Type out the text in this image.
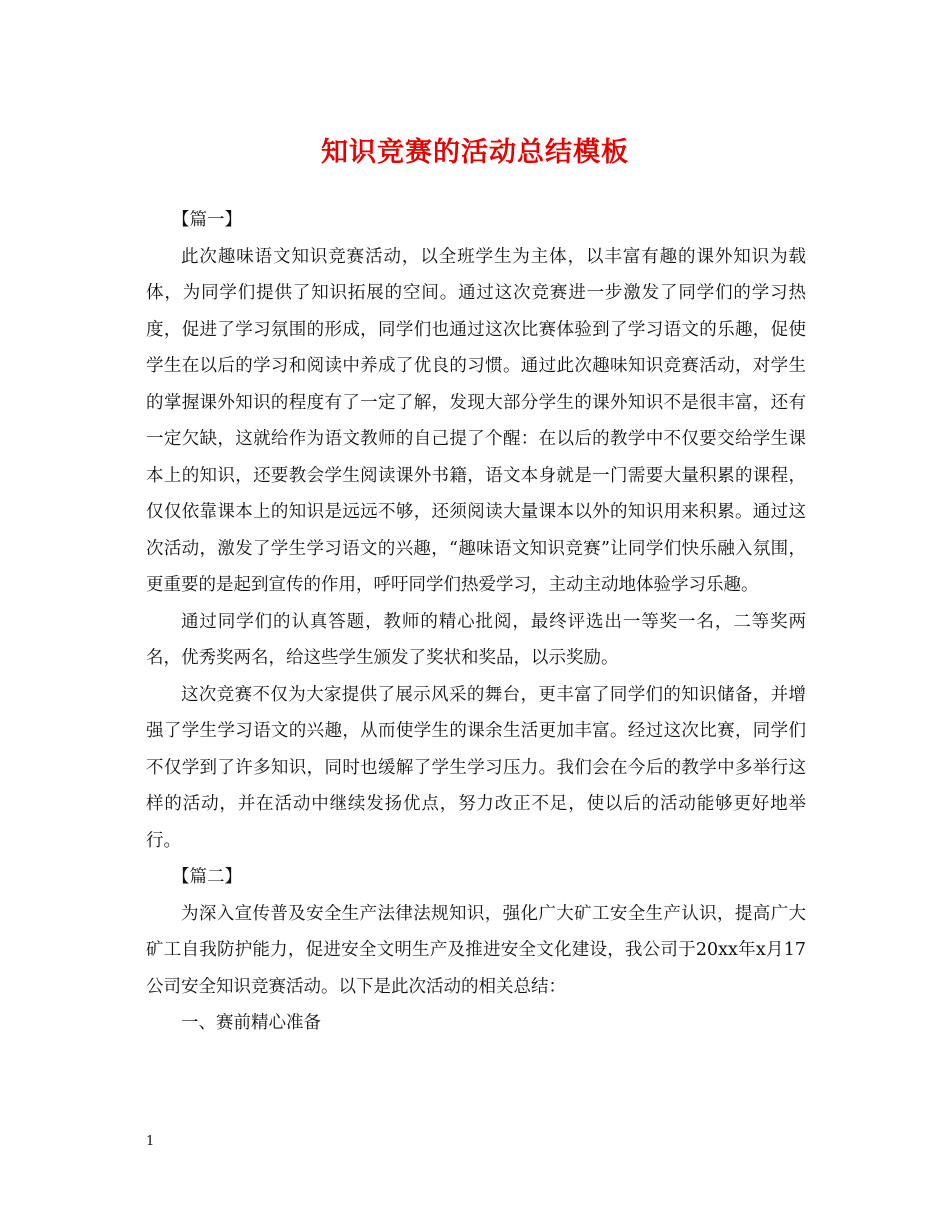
知识竞赛的活动总结模板

【篇一】

此次趣味语文知识竞赛活动，以全班学生为主体，以丰富有趣的课外知识为载体，为同学们提供了知识拓展的空间。通过这次竞赛进一步激发了同学们的学习热度，促进了学习氛围的形成，同学们也通过这次比赛体验到了学习语文的乐趣，促使学生在以后的学习和阅读中养成了优良的习惯。通过此次趣味知识竞赛活动，对学生的掌握课外知识的程度有了一定了解，发现大部分学生的课外知识不是很丰富，还有一定欠缺，这就给作为语文教师的自己提了个醒：在以后的教学中不仅要交给学生课本上的知识，还要教会学生阅读课外书籍，语文本身就是一门需要大量积累的课程，仅仅依靠课本上的知识是远远不够，还须阅读大量课本以外的知识用来积累。通过这次活动，激发了学生学习语文的兴趣，“趣味语文知识竞赛”让同学们快乐融入氛围，更重要的是起到宣传的作用，呼吁同学们热爱学习，主动主动地体验学习乐趣。

通过同学们的认真答题，教师的精心批阅，最终评选出一等奖一名，二等奖两名，优秀奖两名，给这些学生颁发了奖状和奖品，以示奖励。

这次竞赛不仅为大家提供了展示风采的舞台，更丰富了同学们的知识储备，并增强了学生学习语文的兴趣，从而使学生的课余生活更加丰富。经过这次比赛，同学们不仅学到了许多知识，同时也缓解了学生学习压力。我们会在今后的教学中多举行这样的活动，并在活动中继续发扬优点，努力改正不足，使以后的活动能够更好地举行。

【篇二】

为深入宣传普及安全生产法律法规知识，强化广大矿工安全生产认识，提高广大矿工自我防护能力，促进安全文明生产及推进安全文化建设，我公司于20xx年x月17公司安全知识竞赛活动。以下是此次活动的相关总结：

一、赛前精心准备

1
